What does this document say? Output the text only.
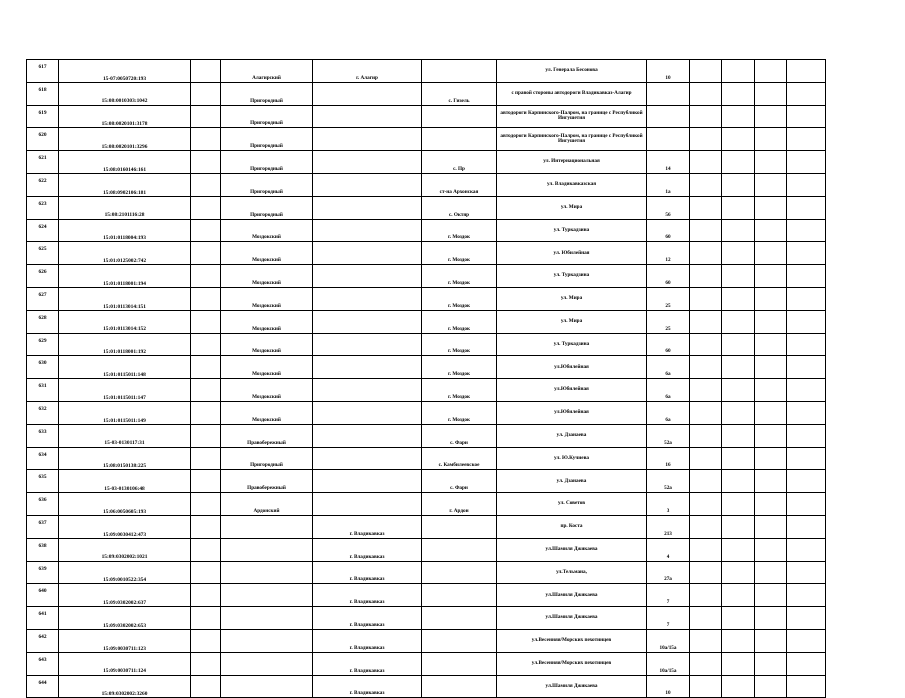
617	15-07:0050720:193		Алагирский	г. Алагир		ул. Генерала Бесонова	10				
618	15:08:0010303:1042		Пригородный		с. Гизель	с правой стороны автодороги Владикавказ-Алагир					
619	15:08:0020101:3178		Пригородный			автодороги Карпинского-Палром, на границе с Республикой Ингушетия					
620	15:08:0020101:3296		Пригородный			автодороги Карпинского-Палром, на границе с Республикой Ингушетия					
621	15:08:0160146:161		Пригородный		с. Пр	ул. Интернациональная	14				
622	15:08:0902106:181		Пригородный		ст-на Архонская	ул. Владикавказская	1а				
623	15:08:2101116:28		Пригородный		с. Октяр	ул. Мира	56				
624	15:01:0118004:193		Моздокский		г. Моздок	ул. Туркадзина	60				
625	15:01:0125002:742		Моздокский		г. Моздок	ул. Юбилейная	12				
626	15:01:0118001:194		Моздокский		г. Моздок	ул. Туркадзина	60				
627	15:01:0113014:151		Моздокский		г. Моздок	ул. Мира	25				
628	15:01:0113014:152		Моздокский		г. Моздок	ул. Мира	25				
629	15:01:0118001:192		Моздокский		г. Моздок	ул. Туркадзина	60				
630	15:01:0115011:148		Моздокский		г. Моздок	ул.Юбилейная	6а				
631	15:01:0115011:147		Моздокский		г. Моздок	ул.Юбилейная	6а				
632	15:01:0115011:149		Моздокский		г. Моздок	ул.Юбилейная	6а				
633	15-03-0130117:31		Правобережный		с. Фарн	ул. Дзанаева	52а				
634	15:08:0150138:225		Пригородный		с. Камбилеевское	ул. Ю.Кучиева	16				
635	15-03-0130106:48		Правобережный		с. Фарн	ул. Дзанаева	52а				
636	15:06:0050605:193		Ардонский		г. Ардон	ул. Советов	3				
637	15:09:0030412:473			г. Владикавказ		пр. Коста	213				
638	15:09:0302002:1021			г. Владикавказ		ул.Шамиля Джикаева	4				
639	15:09:0010522:354			г. Владикавказ		ул.Тельмана,	27а				
640	15:09:0302002:637			г. Владикавказ		ул.Шамиля Джикаева	7				
641	15:09:0302002:653			г. Владикавказ		ул.Шамиля Джикаева	7				
642	15:09:0030711:123			г. Владикавказ		ул.Весенняя/Морских пехотинцев	10а/15а				
643	15:09:0030711:124			г. Владикавказ		ул.Весенняя/Морских пехотинцев	10а/15а				
644	15:09:0302002:3260			г. Владикавказ		ул.Шамиля Джикаева	10				
